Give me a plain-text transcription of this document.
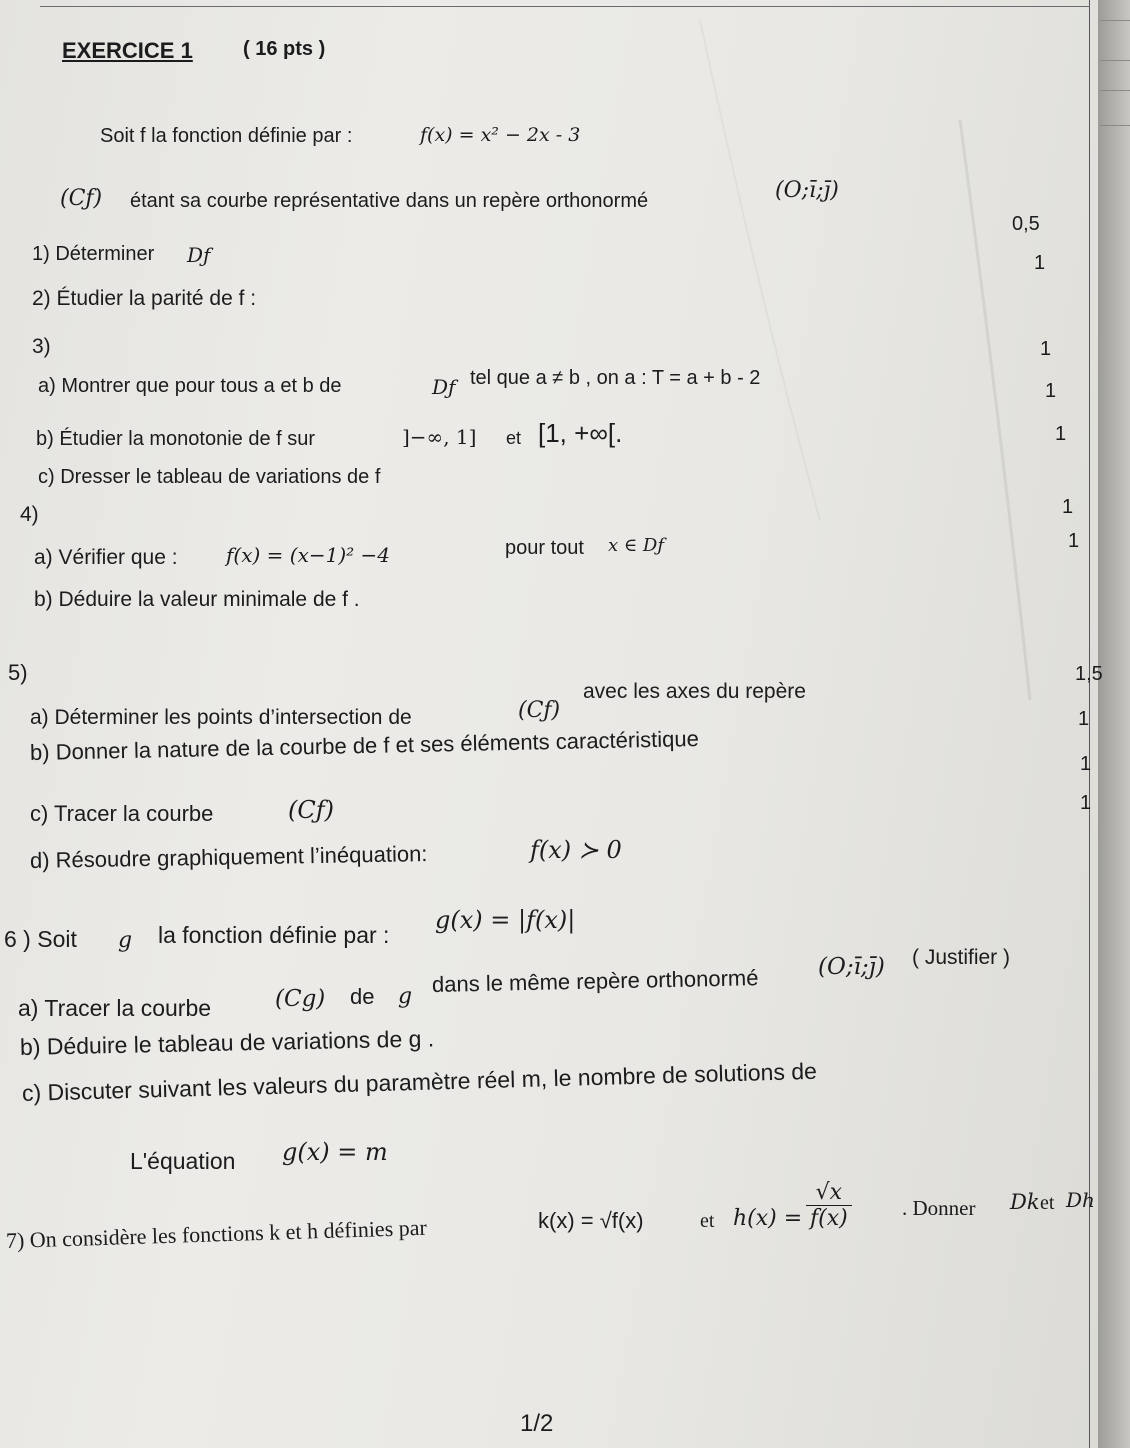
EXERCICE 1	( 16 pts )
Soit f la fonction définie par :	f(x) = x² − 2x - 3
(Cƒ) étant sa courbe représentative dans un repère orthonormé	(O;ī;j̄)
1) Déterminer Dƒ
2) Étudier la parité de f :
3)
a) Montrer que pour tous a et b de	Dƒ tel que a ≠ b , on a : T = a + b - 2
b) Étudier la monotonie de f sur	]−∞, 1] et [1, +∞[.
c) Dresser le tableau de variations de f
4)
a) Vérifier que : f(x) = (x−1)² −4	pour tout x ∈ Dƒ
b) Déduire la valeur minimale de f .
5)
a) Déterminer les points d’intersection de	(Cƒ)
avec les axes du repère
b) Donner la nature de la courbe de f et ses éléments caractéristique
c) Tracer la courbe	(Cƒ)
d) Résoudre graphiquement l’inéquation:	f(x) ≻ 0
6 ) Soit g la fonction définie par :
g(x) = |f(x)|
a) Tracer la courbe	(Cg) de g dans le même repère orthonormé	(O;ī;j̄) ( Justifier )
b) Déduire le tableau de variations de g .
c) Discuter suivant les valeurs du paramètre réel m, le nombre de solutions de
L'équation g(x) = m
7) On considère les fonctions k et h définies par	k(x) = √f(x)	et $h(x) = \frac{√x}{f(x)}$ . Donner Dk et Dh
0,5
1
1
1
1
1
1
1,5
1
1
1
1/2
